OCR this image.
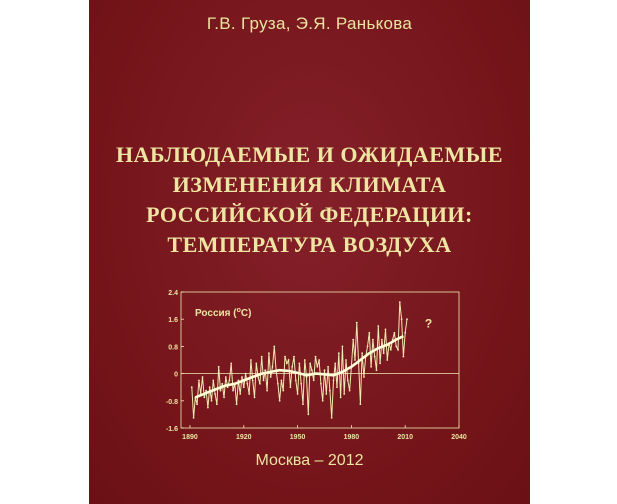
Г.В. Груза, Э.Я. Ранькова
НАБЛЮДАЕМЫЕ И ОЖИДАЕМЫЕ
ИЗМЕНЕНИЯ КЛИМАТА
РОССИЙСКОЙ ФЕДЕРАЦИИ:
ТЕМПЕРАТУРА ВОЗДУХА
2.4
1.6
0.8
0
-0.8
-1.6
1890	1920	1950	1980	2010	2040
Россия ($^о$С)
?
Москва – 2012
